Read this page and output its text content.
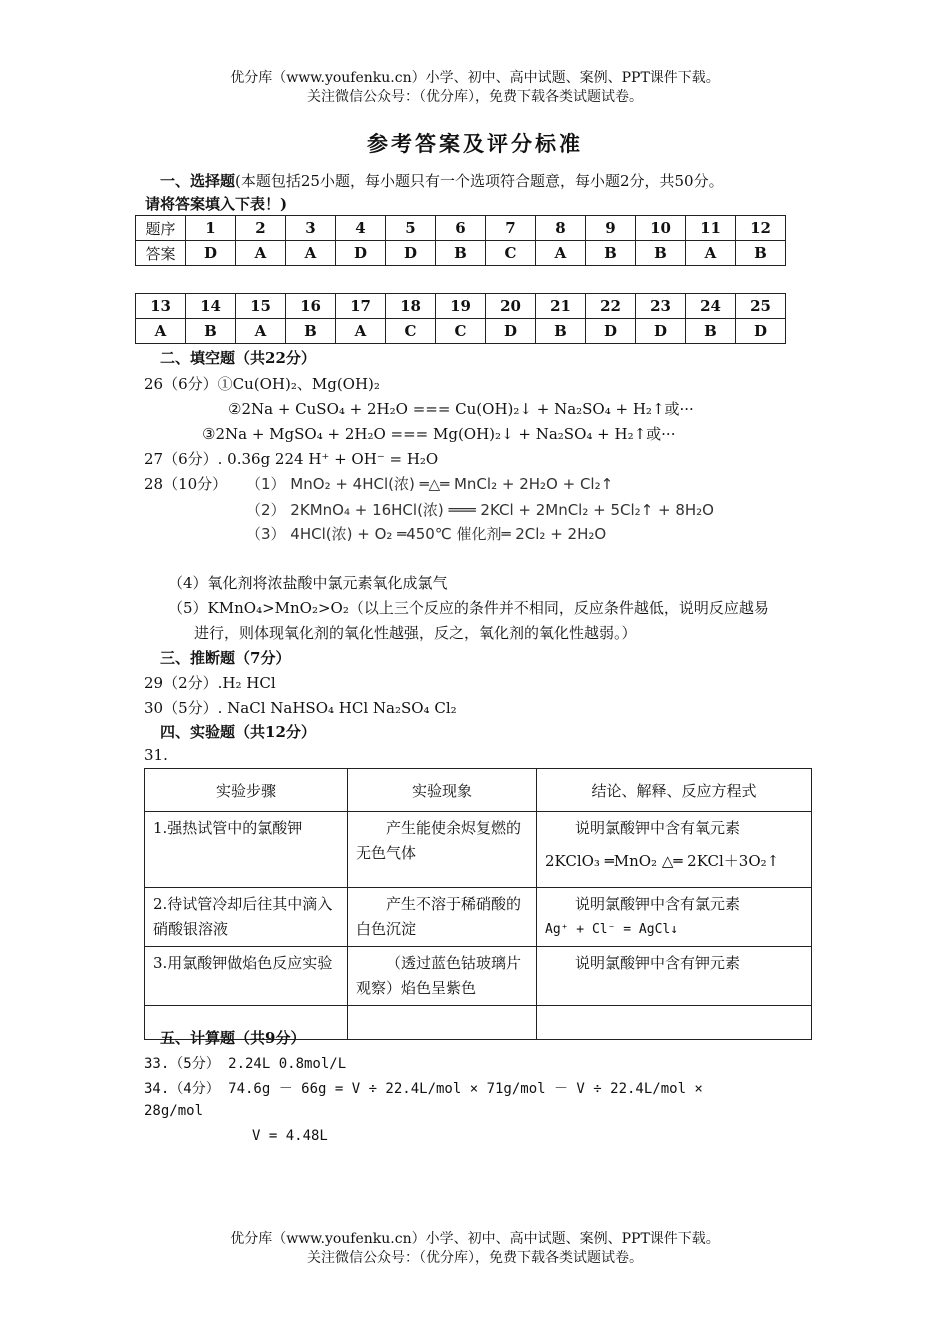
优分库（www.youfenku.cn）小学、初中、高中试题、案例、PPT课件下载。
关注微信公众号：（优分库），免费下载各类试题试卷。
参考答案及评分标准
一、选择题(本题包括25小题，每小题只有一个选项符合题意，每小题2分，共50分。
请将答案填入下表！)
题序	1	2	3	4	5	6	7	8	9	10	11	12
答案	D	A	A	D	D	B	C	A	B	B	A	B
13	14	15	16	17	18	19	20	21	22	23	24	25
A	B	A	B	A	C	C	D	B	D	D	B	D
二、填空题（共22分）
26（6分）①Cu(OH)₂、Mg(OH)₂
②2Na + CuSO₄ + 2H₂O === Cu(OH)₂↓ + Na₂SO₄ + H₂↑或···
③2Na + MgSO₄ + 2H₂O === Mg(OH)₂↓ + Na₂SO₄ + H₂↑或···
27（6分）. 0.36g 224 H⁺ + OH⁻ = H₂O
28（10分） （1） MnO₂ + 4HCl(浓) ═△═ MnCl₂ + 2H₂O + Cl₂↑
（2） 2KMnO₄ + 16HCl(浓) ═══ 2KCl + 2MnCl₂ + 5Cl₂↑ + 8H₂O
（3） 4HCl(浓) + O₂ ═450℃ 催化剂═ 2Cl₂ + 2H₂O
（4）氧化剂将浓盐酸中氯元素氧化成氯气
（5）KMnO₄>MnO₂>O₂（以上三个反应的条件并不相同，反应条件越低，说明反应越易
进行，则体现氧化剂的氧化性越强，反之，氧化剂的氧化性越弱。）
三、推断题（7分）
29（2分）.H₂ HCl
30（5分）. NaCl NaHSO₄ HCl Na₂SO₄ Cl₂
四、实验题（共12分）
31.
实验步骤	实验现象	结论、解释、反应方程式
1.强热试管中的氯酸钾	产生能使余烬复燃的无色气体	说明氯酸钾中含有氧元素
2KClO₃ ═MnO₂ △═ 2KCl＋3O₂↑

2.待试管冷却后往其中滴入硝酸银溶液	产生不溶于稀硝酸的白色沉淀	说明氯酸钾中含有氯元素
Ag⁺ + Cl⁻ = AgCl↓

3.用氯酸钾做焰色反应实验	（透过蓝色钴玻璃片观察）焰色呈紫色	说明氯酸钾中含有钾元素

五、计算题（共9分）
33.（5分） 2.24L 0.8mol/L
34.（4分） 74.6g － 66g = V ÷ 22.4L/mol × 71g/mol － V ÷ 22.4L/mol ×
28g/mol
V = 4.48L
优分库（www.youfenku.cn）小学、初中、高中试题、案例、PPT课件下载。
关注微信公众号：（优分库），免费下载各类试题试卷。
